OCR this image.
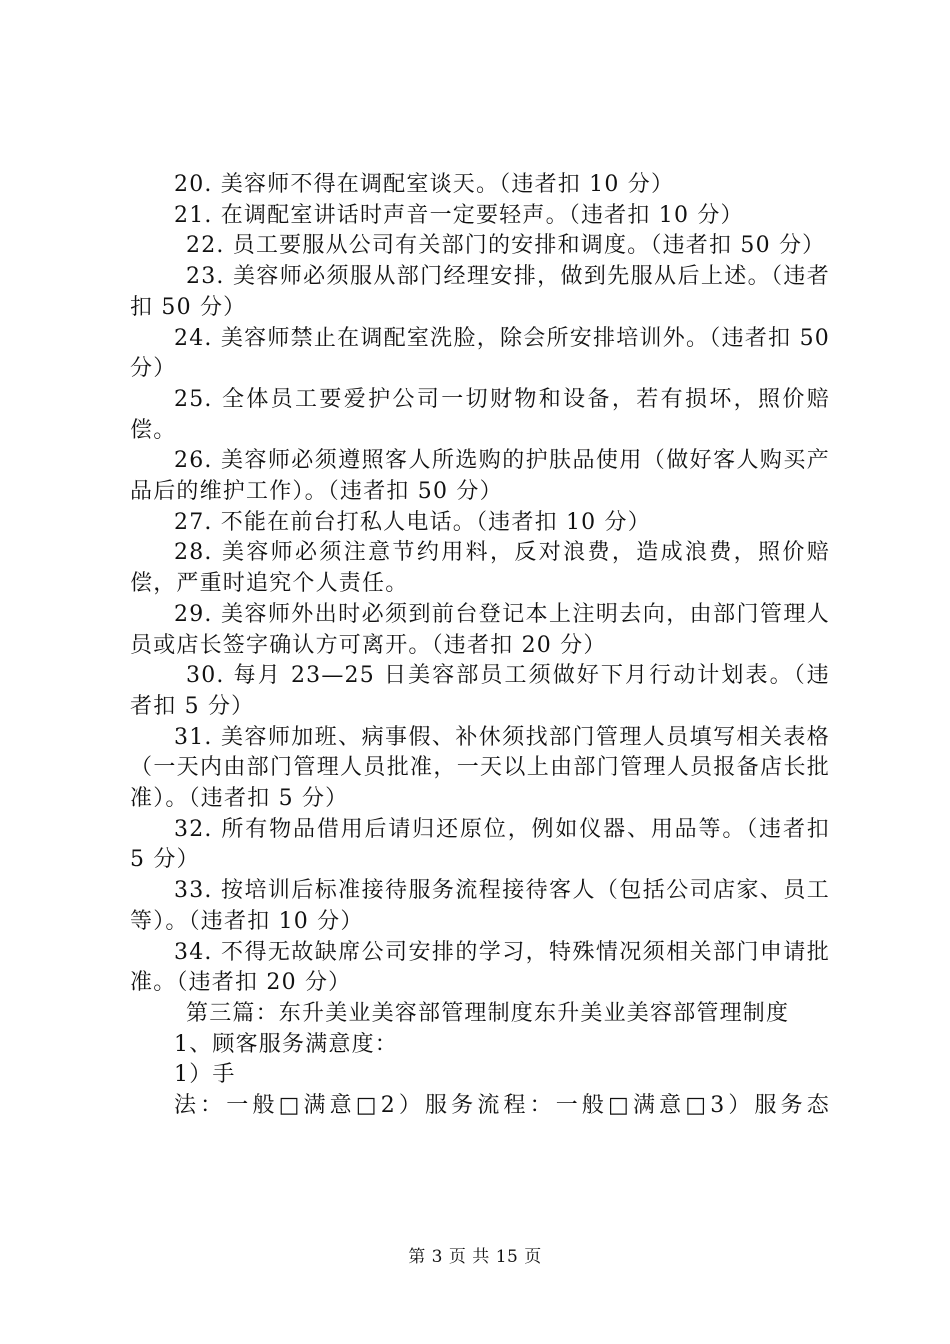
20. 美容师不得在调配室谈天。（违者扣 10 分）

21. 在调配室讲话时声音一定要轻声。（违者扣 10 分）

22. 员工要服从公司有关部门的安排和调度。（违者扣 50 分）

23. 美容师必须服从部门经理安排，做到先服从后上述。（违者扣 50 分）

24. 美容师禁止在调配室洗脸，除会所安排培训外。（违者扣 50 分）

25. 全体员工要爱护公司一切财物和设备，若有损坏，照价赔偿。

26. 美容师必须遵照客人所选购的护肤品使用（做好客人购买产品后的维护工作）。（违者扣 50 分）

27. 不能在前台打私人电话。（违者扣 10 分）

28. 美容师必须注意节约用料，反对浪费，造成浪费，照价赔偿，严重时追究个人责任。

29. 美容师外出时必须到前台登记本上注明去向，由部门管理人员或店长签字确认方可离开。（违者扣 20 分）

30. 每月 23—25 日美容部员工须做好下月行动计划表。（违者扣 5 分）

31. 美容师加班、病事假、补休须找部门管理人员填写相关表格（一天内由部门管理人员批准，一天以上由部门管理人员报备店长批准）。（违者扣 5 分）

32. 所有物品借用后请归还原位，例如仪器、用品等。（违者扣 5 分）

33. 按培训后标准接待服务流程接待客人（包括公司店家、员工等）。（违者扣 10 分）

34. 不得无故缺席公司安排的学习，特殊情况须相关部门申请批准。（违者扣 20 分）

第三篇：东升美业美容部管理制度东升美业美容部管理制度

1、顾客服务满意度：

1）手

法：一般□满意□2）服务流程：一般□满意□3）服务态

第 3 页 共 15 页
